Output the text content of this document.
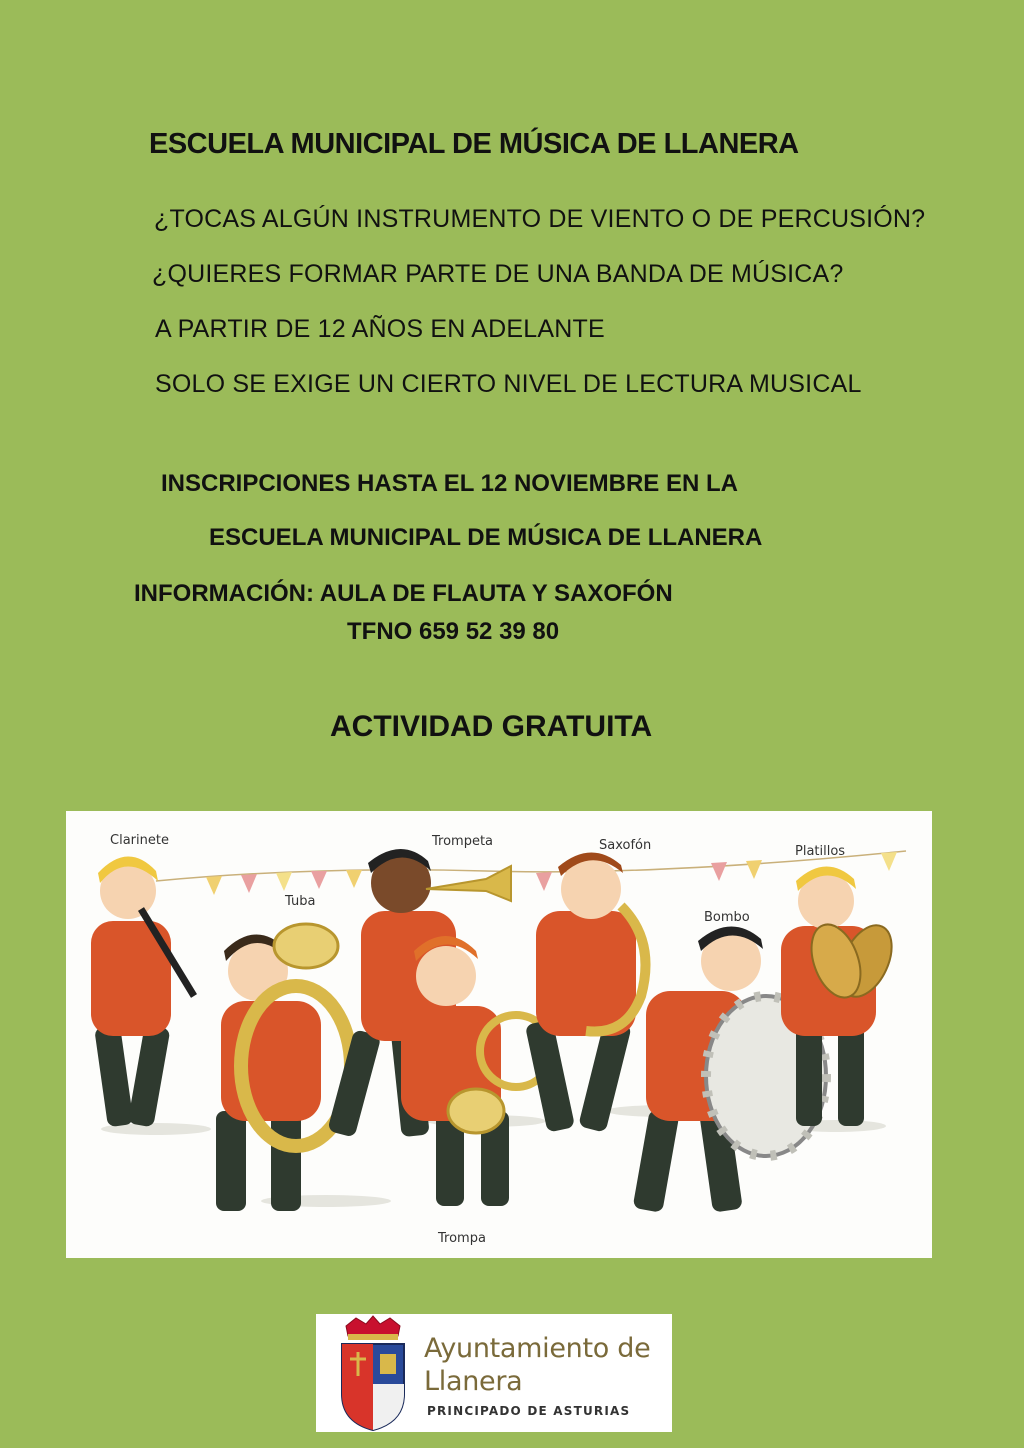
ESCUELA MUNICIPAL DE MÚSICA DE LLANERA
¿TOCAS ALGÚN INSTRUMENTO DE VIENTO O DE PERCUSIÓN?
¿QUIERES FORMAR PARTE DE UNA BANDA DE MÚSICA?
A PARTIR DE 12 AÑOS EN ADELANTE
SOLO SE EXIGE UN CIERTO NIVEL DE LECTURA MUSICAL
INSCRIPCIONES HASTA EL 12 NOVIEMBRE EN LA
ESCUELA MUNICIPAL DE MÚSICA DE LLANERA
INFORMACIÓN: AULA DE FLAUTA Y SAXOFÓN
TFNO 659 52 39 80
ACTIVIDAD GRATUITA
Clarinete
Tuba
Trompeta	Saxofón
Bombo
Platillos
Trompa
Ayuntamiento de
Llanera
PRINCIPADO DE ASTURIAS
